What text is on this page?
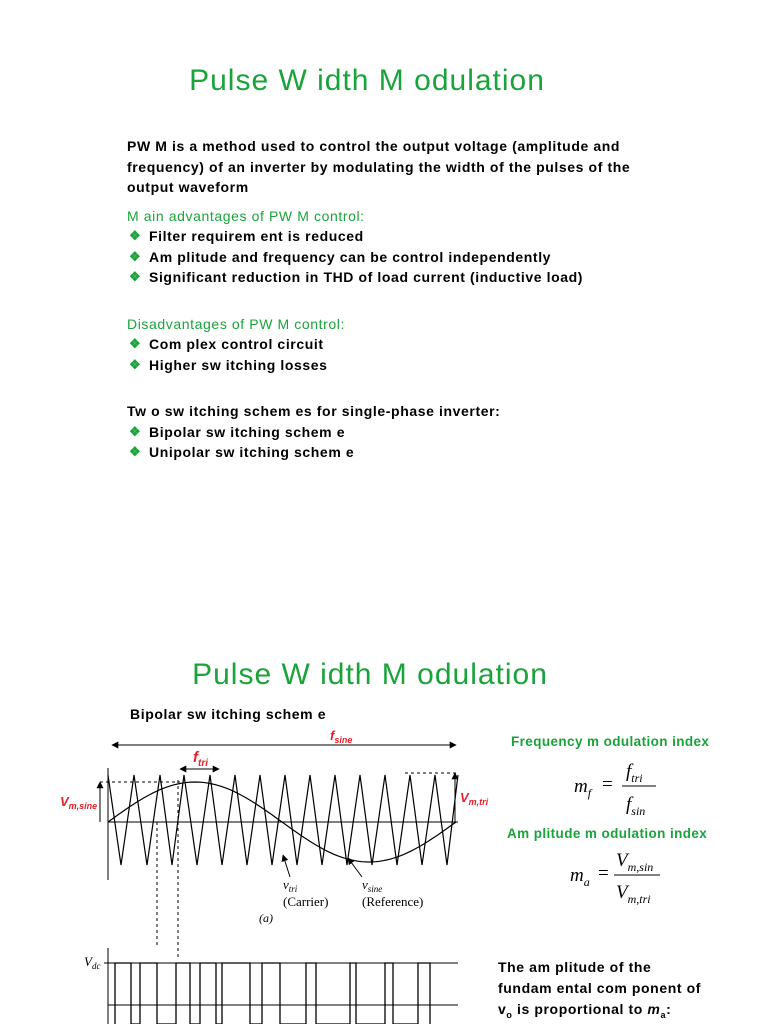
Pulse W idth M odulation

PW M is a method used to control the output voltage (amplitude and frequency) of an inverter by modulating the width of the pulses of the output waveform

M ain advantages of PW M control:

❖ Filter requirem ent is reduced
❖ Am plitude and frequency can be control independently
❖ Significant reduction in THD of load current (inductive load)

Disadvantages of PW M control:

❖ Com plex control circuit
❖ Higher sw itching losses

Tw o sw itching schem es for single-phase inverter:

❖ Bipolar sw itching schem e
❖ Unipolar sw itching schem e
Pulse W idth M odulation
Bipolar sw itching schem e
Frequency m odulation index
Am plitude m odulation index

The am plitude of the

fundam ental com ponent of

$v_o$ is proportional to $m_a$:

$f_{sine}$
$f_{tri}$
$V_{m,sine}$
$V_{m,tri}$
$v_{tri}$
(Carrier)
$v_{sine}$
(Reference)
(a)
$V_{dc}$
$m_f$ =
$f_{tri}$
$f_{sin}$
$m_a$ =
$V_{m,sin}$
$V_{m,tri}$
